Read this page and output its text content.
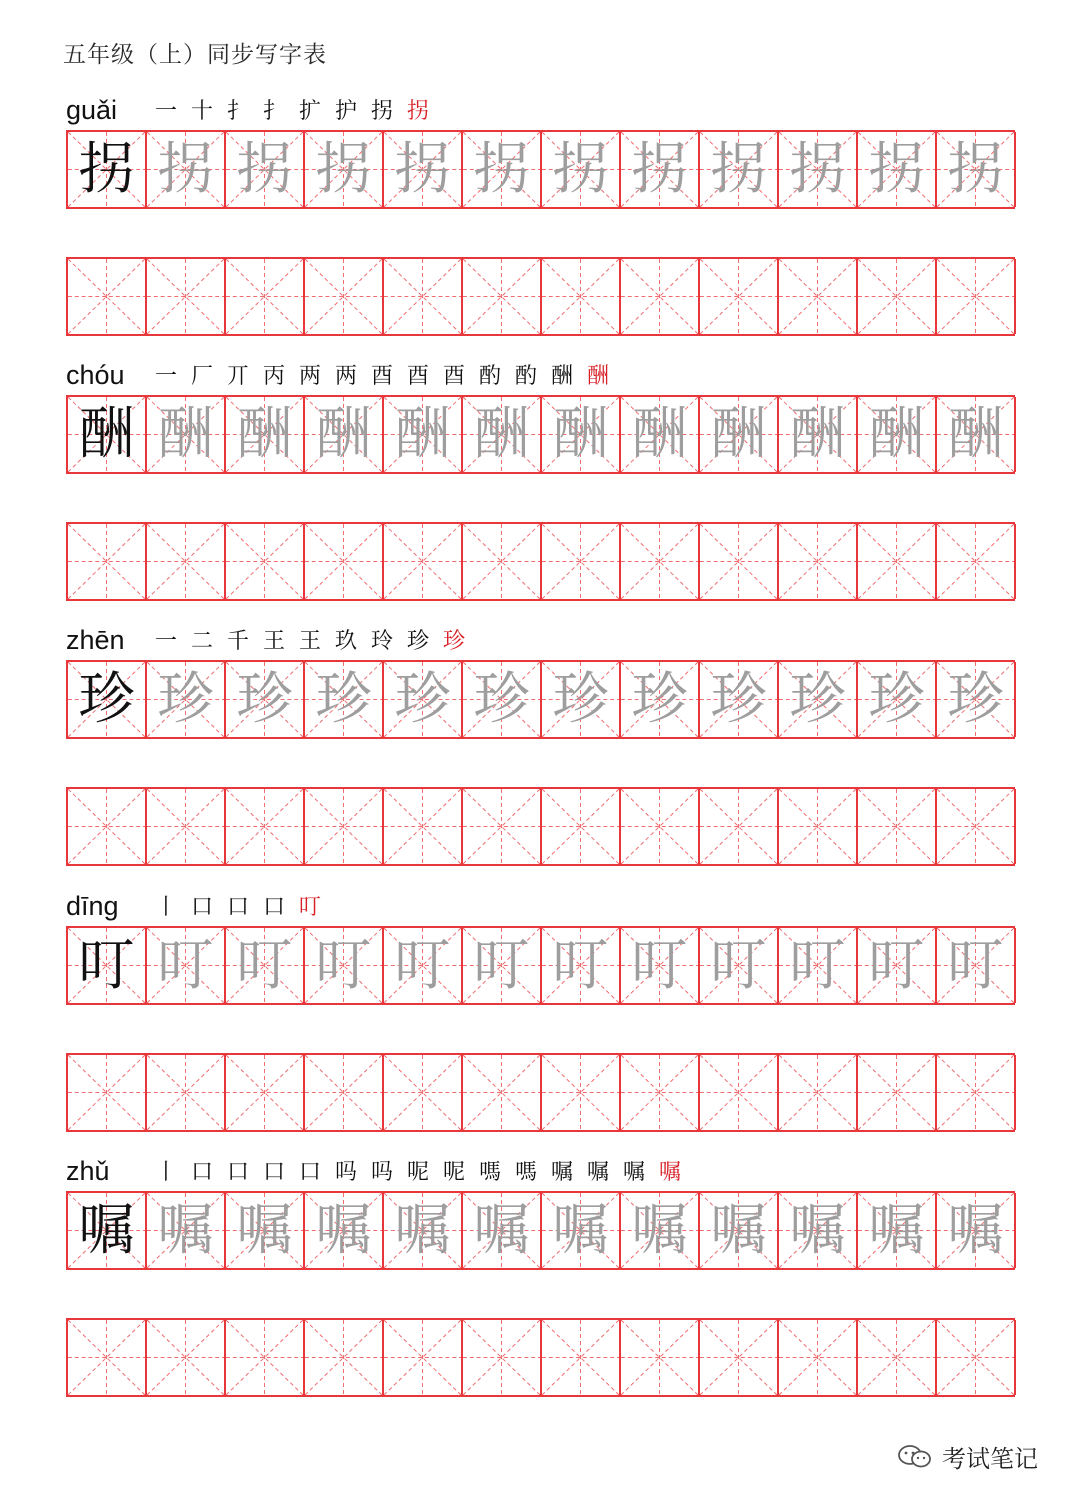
五年级（上）同步写字表
guǎi	一 十 扌 扌 扩 护 拐 拐
拐 拐 拐 拐 拐 拐 拐 拐 拐 拐 拐 拐
chóu	一 厂 丌 丙 两 两 酉 酉 酉 酌 酌 酬 酬
酬 酬 酬 酬 酬 酬 酬 酬 酬 酬 酬 酬
zhēn	一 二 千 王 王 玖 玲 珍 珍
珍 珍 珍 珍 珍 珍 珍 珍 珍 珍 珍 珍
dīng	丨 口 口 口 叮
叮 叮 叮 叮 叮 叮 叮 叮 叮 叮 叮 叮
zhǔ	丨 口 口 口 口 吗 吗 呢 呢 嗎 嗎 嘱 嘱 嘱 嘱
嘱 嘱 嘱 嘱 嘱 嘱 嘱 嘱 嘱 嘱 嘱 嘱
考试笔记
